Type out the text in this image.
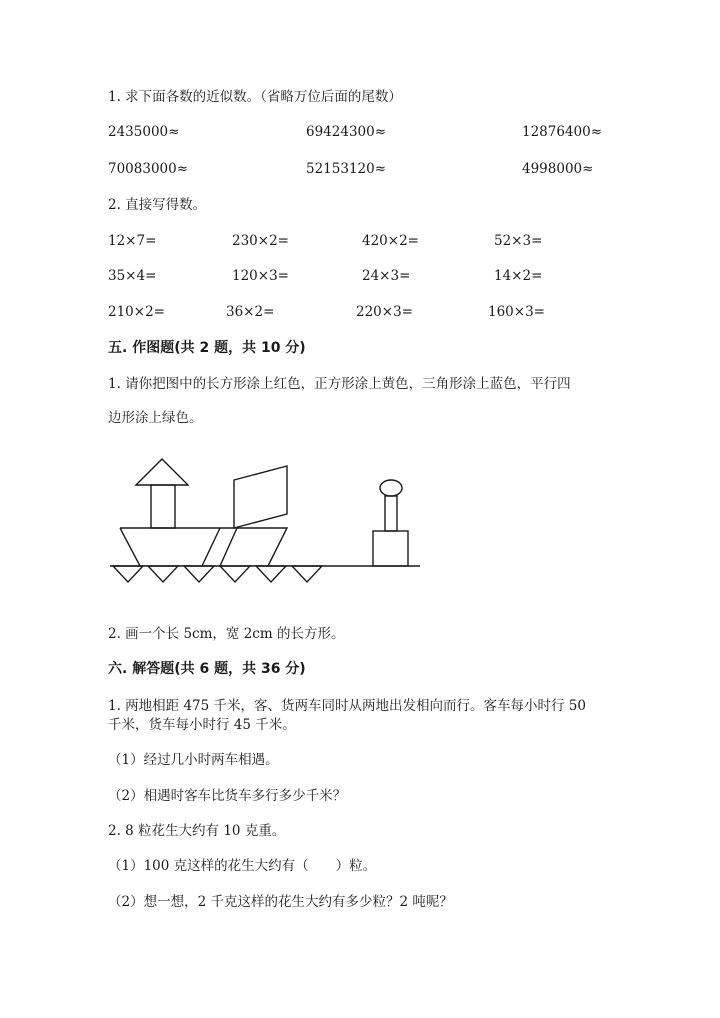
1. 求下面各数的近似数。（省略万位后面的尾数）
2435000≈	69424300≈	12876400≈
70083000≈	52153120≈	4998000≈
2. 直接写得数。
12×7=	230×2=	420×2=	52×3=
35×4=	120×3=	24×3=	14×2=
210×2=	36×2=	220×3=	160×3=
五. 作图题(共 2 题，共 10 分)
1. 请你把图中的长方形涂上红色，正方形涂上黄色，三角形涂上蓝色，平行四
边形涂上绿色。
2. 画一个长 5cm，宽 2cm 的长方形。
六. 解答题(共 6 题，共 36 分)
1. 两地相距 475 千米，客、货两车同时从两地出发相向而行。客车每小时行 50
千米，货车每小时行 45 千米。
（1）经过几小时两车相遇。
（2）相遇时客车比货车多行多少千米？
2. 8 粒花生大约有 10 克重。
（1）100 克这样的花生大约有（　　）粒。
（2）想一想，2 千克这样的花生大约有多少粒？2 吨呢？
